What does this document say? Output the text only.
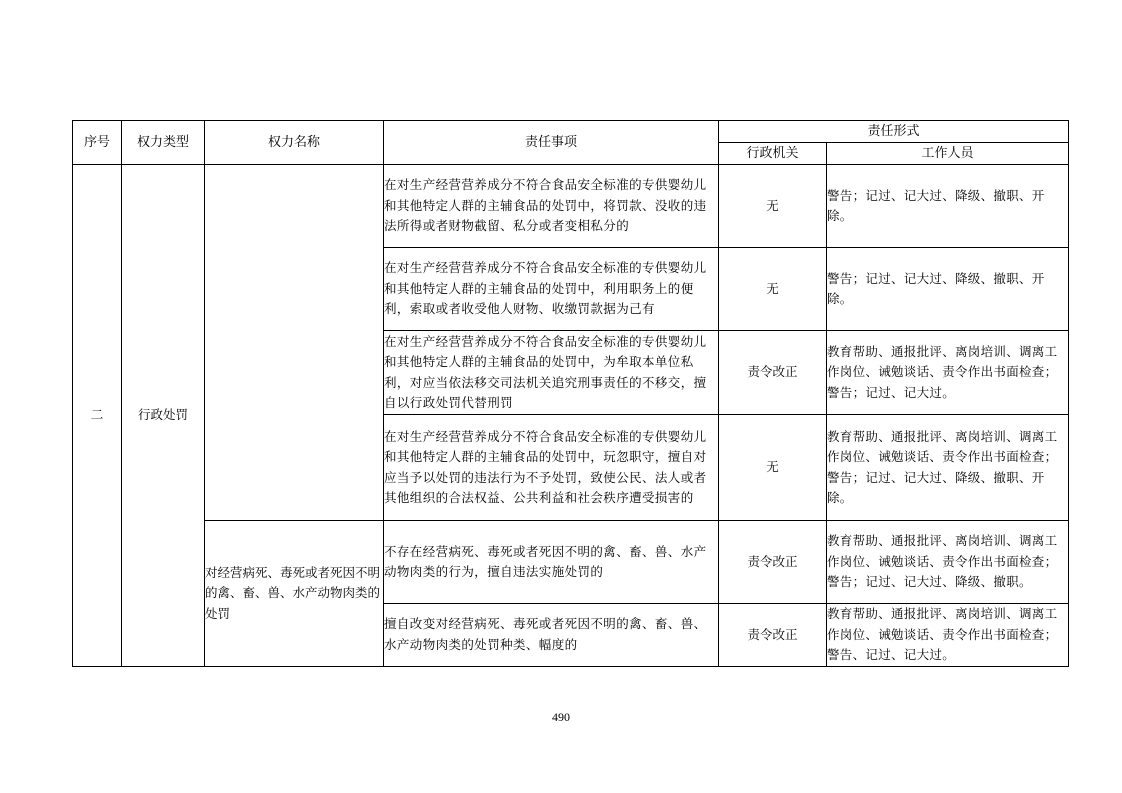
序号	权力类型	权力名称	责任事项	责任形式	
				行政机关	工作人员
二	行政处罚		在对生产经营营养成分不符合食品安全标准的专供婴幼儿和其他特定人群的主辅食品的处罚中，将罚款、没收的违法所得或者财物截留、私分或者变相私分的	无	警告；记过、记大过、降级、撤职、开除。
			在对生产经营营养成分不符合食品安全标准的专供婴幼儿和其他特定人群的主辅食品的处罚中，利用职务上的便利，索取或者收受他人财物、收缴罚款据为己有	无	警告；记过、记大过、降级、撤职、开除。
			在对生产经营营养成分不符合食品安全标准的专供婴幼儿和其他特定人群的主辅食品的处罚中，为牟取本单位私利，对应当依法移交司法机关追究刑事责任的不移交，擅自以行政处罚代替刑罚	责令改正	教育帮助、通报批评、离岗培训、调离工作岗位、诫勉谈话、责令作出书面检查；警告；记过、记大过。
			在对生产经营营养成分不符合食品安全标准的专供婴幼儿和其他特定人群的主辅食品的处罚中，玩忽职守，擅自对应当予以处罚的违法行为不予处罚，致使公民、法人或者其他组织的合法权益、公共利益和社会秩序遭受损害的	无	教育帮助、通报批评、离岗培训、调离工作岗位、诫勉谈话、责令作出书面检查；警告；记过、记大过、降级、撤职、开除。
		对经营病死、毒死或者死因不明的禽、畜、兽、水产动物肉类的处罚	不存在经营病死、毒死或者死因不明的禽、畜、兽、水产动物肉类的行为，擅自违法实施处罚的	责令改正	教育帮助、通报批评、离岗培训、调离工作岗位、诫勉谈话、责令作出书面检查；警告；记过、记大过、降级、撤职。
			擅自改变对经营病死、毒死或者死因不明的禽、畜、兽、水产动物肉类的处罚种类、幅度的	责令改正	教育帮助、通报批评、离岗培训、调离工作岗位、诫勉谈话、责令作出书面检查；警告、记过、记大过。
490
